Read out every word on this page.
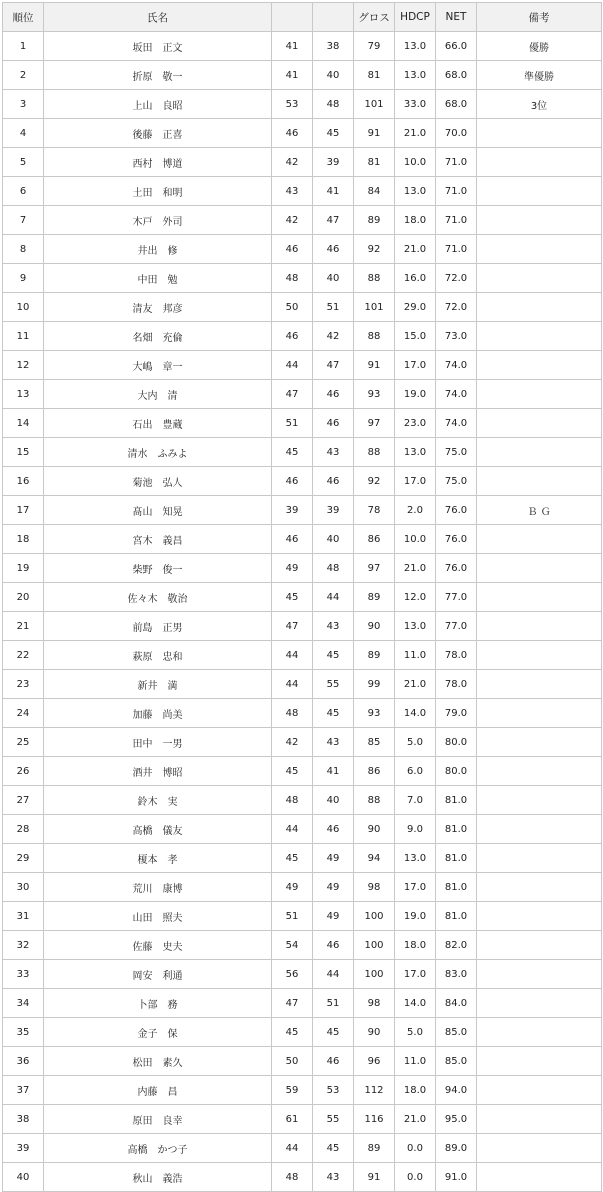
順位	氏名			グロス	HDCP	NET	備考
1	坂田　正文	41	38	79	13.0	66.0	優勝
2	折原　敬一	41	40	81	13.0	68.0	準優勝
3	上山　良昭	53	48	101	33.0	68.0	3位
4	後藤　正喜	46	45	91	21.0	70.0	
5	西村　博道	42	39	81	10.0	71.0	
6	土田　和明	43	41	84	13.0	71.0	
7	木戸　外司	42	47	89	18.0	71.0	
8	井出　修	46	46	92	21.0	71.0	
9	中田　勉	48	40	88	16.0	72.0	
10	清友　邦彦	50	51	101	29.0	72.0	
11	名畑　充倫	46	42	88	15.0	73.0	
12	大嶋　章一	44	47	91	17.0	74.0	
13	大内　清	47	46	93	19.0	74.0	
14	石出　豊蔵	51	46	97	23.0	74.0	
15	清水　ふみよ	45	43	88	13.0	75.0	
16	菊池　弘人	46	46	92	17.0	75.0	
17	髙山　知晃	39	39	78	2.0	76.0	Ｂ Ｇ
18	宮木　義昌	46	40	86	10.0	76.0	
19	柴野　俊一	49	48	97	21.0	76.0	
20	佐々木　敬治	45	44	89	12.0	77.0	
21	前島　正男	47	43	90	13.0	77.0	
22	萩原　忠和	44	45	89	11.0	78.0	
23	新井　満	44	55	99	21.0	78.0	
24	加藤　尚美	48	45	93	14.0	79.0	
25	田中　一男	42	43	85	5.0	80.0	
26	酒井　博昭	45	41	86	6.0	80.0	
27	鈴木　実	48	40	88	7.0	81.0	
28	高橋　儀友	44	46	90	9.0	81.0	
29	榎本　孝	45	49	94	13.0	81.0	
30	荒川　康博	49	49	98	17.0	81.0	
31	山田　照夫	51	49	100	19.0	81.0	
32	佐藤　史夫	54	46	100	18.0	82.0	
33	岡安　利通	56	44	100	17.0	83.0	
34	卜部　務	47	51	98	14.0	84.0	
35	金子　保	45	45	90	5.0	85.0	
36	松田　素久	50	46	96	11.0	85.0	
37	内藤　昌	59	53	112	18.0	94.0	
38	原田　良幸	61	55	116	21.0	95.0	
39	高橋　かつ子	44	45	89	0.0	89.0	
40	秋山　義浩	48	43	91	0.0	91.0	
